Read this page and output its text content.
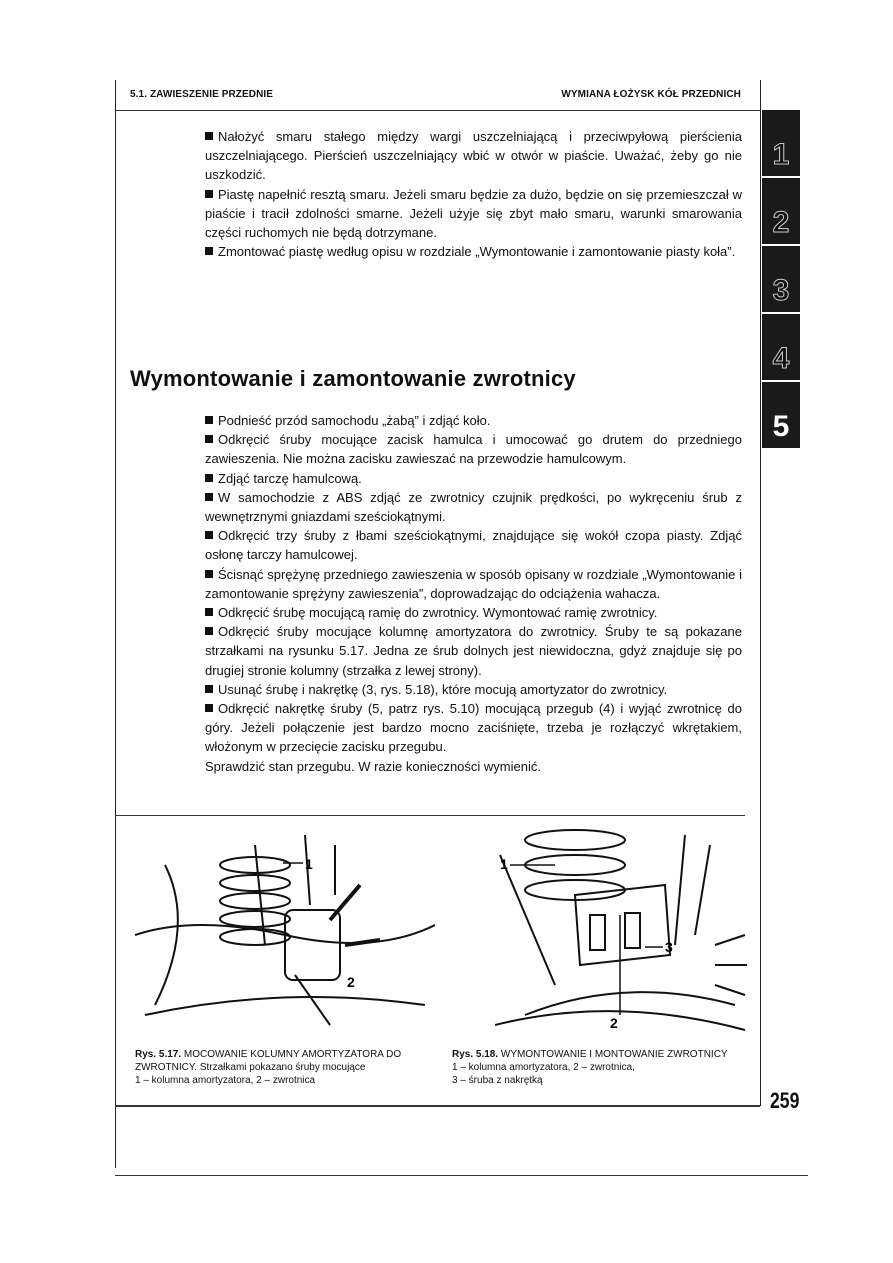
5.1. ZAWIESZENIE PRZEDNIE	WYMIANA ŁOŻYSK KÓŁ PRZEDNICH

Nałożyć smaru stałego między wargi uszczelniającą i przeciwpyłową pierścienia uszczelniającego. Pierścień uszczelniający wbić w otwór w piaście. Uważać, żeby go nie uszkodzić.

Piastę napełnić resztą smaru. Jeżeli smaru będzie za dużo, będzie on się przemieszczał w piaście i tracił zdolności smarne. Jeżeli użyje się zbyt mało smaru, warunki smarowania części ruchomych nie będą dotrzymane.

Zmontować piastę według opisu w rozdziale „Wymontowanie i zamontowanie piasty koła”.

Wymontowanie i zamontowanie zwrotnicy

Podnieść przód samochodu „żabą” i zdjąć koło.

Odkręcić śruby mocujące zacisk hamulca i umocować go drutem do przedniego zawieszenia. Nie można zacisku zawieszać na przewodzie hamulcowym.

Zdjąć tarczę hamulcową.

W samochodzie z ABS zdjąć ze zwrotnicy czujnik prędkości, po wykręceniu śrub z wewnętrznymi gniazdami sześciokątnymi.

Odkręcić trzy śruby z łbami sześciokątnymi, znajdujące się wokół czopa piasty. Zdjąć osłonę tarczy hamulcowej.

Ścisnąć sprężynę przedniego zawieszenia w sposób opisany w rozdziale „Wymontowanie i zamontowanie sprężyny zawieszenia”, doprowadzając do odciążenia wahacza.

Odkręcić śrubę mocującą ramię do zwrotnicy. Wymontować ramię zwrotnicy.

Odkręcić śruby mocujące kolumnę amortyzatora do zwrotnicy. Śruby te są pokazane strzałkami na rysunku 5.17. Jedna ze śrub dolnych jest niewidoczna, gdyż znajduje się po drugiej stronie kolumny (strzałka z lewej strony).

Usunąć śrubę i nakrętkę (3, rys. 5.18), które mocują amortyzator do zwrotnicy.

Odkręcić nakrętkę śruby (5, patrz rys. 5.10) mocującą przegub (4) i wyjąć zwrotnicę do góry. Jeżeli połączenie jest bardzo mocno zaciśnięte, trzeba je rozłączyć wkrętakiem, włożonym w przecięcie zacisku przegubu.

Sprawdzić stan przegubu. W razie konieczności wymienić.

1
2
3
4
5
1
2
1
2
3
Rys. 5.17. MOCOWANIE KOLUMNY AMORTYZATORA DO ZWROTNICY. Strzałkami pokazano śruby mocujące
1 – kolumna amortyzatora, 2 – zwrotnica
Rys. 5.18. WYMONTOWANIE I MONTOWANIE ZWROTNICY
1 – kolumna amortyzatora, 2 – zwrotnica,
3 – śruba z nakrętką
259
